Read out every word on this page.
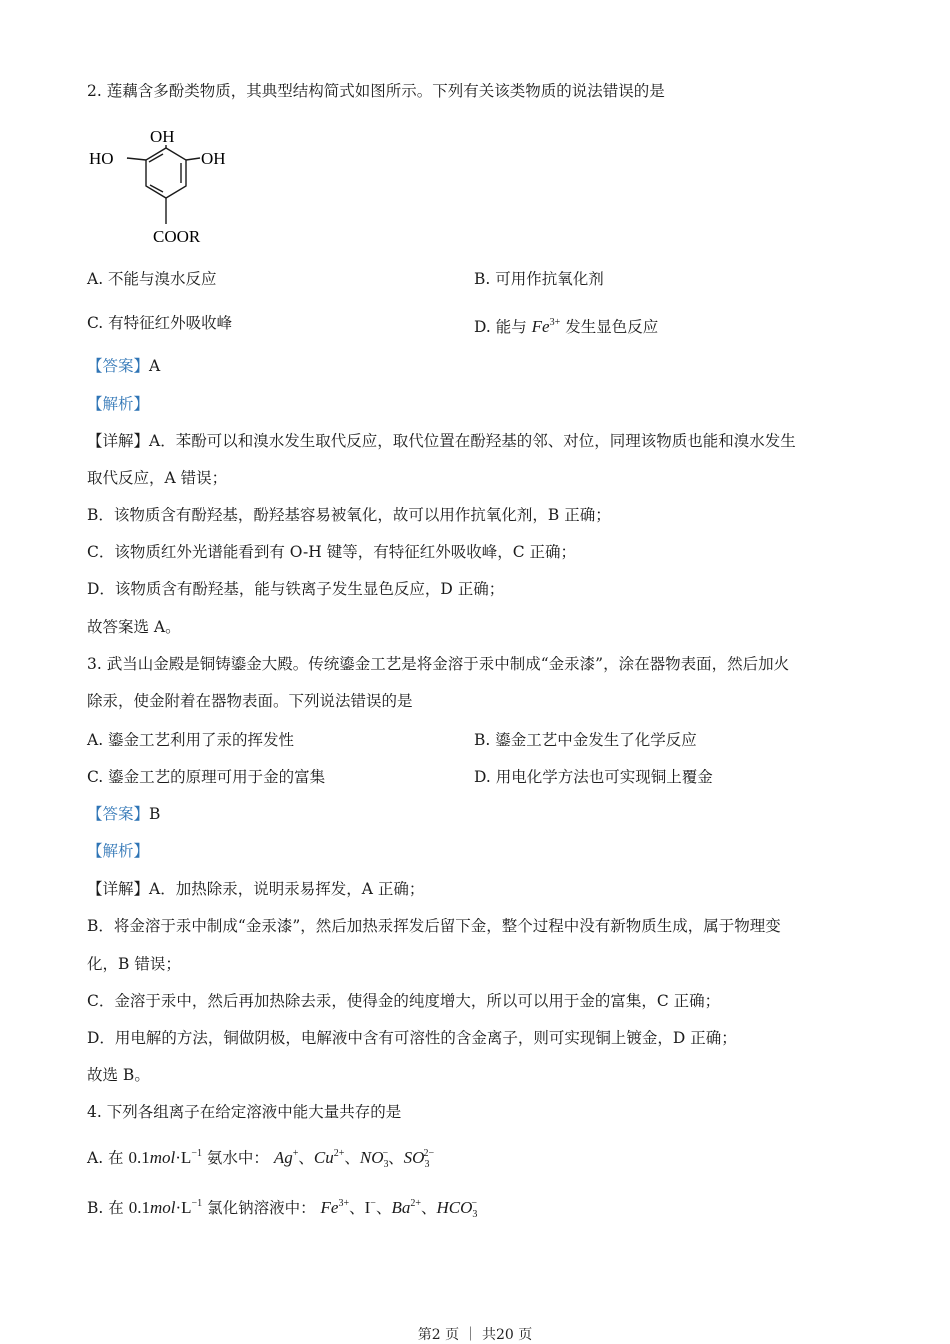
2. 莲藕含多酚类物质，其典型结构简式如图所示。下列有关该类物质的说法错误的是
OH
HO	OH
COOR
A. 不能与溴水反应	B. 可用作抗氧化剂
C. 有特征红外吸收峰	D. 能与 $Fe^{3+}$ 发生显色反应
【答案】A
【解析】
【详解】A．苯酚可以和溴水发生取代反应，取代位置在酚羟基的邻、对位，同理该物质也能和溴水发生
取代反应，A 错误；
B．该物质含有酚羟基，酚羟基容易被氧化，故可以用作抗氧化剂，B 正确；
C．该物质红外光谱能看到有 O-H 键等，有特征红外吸收峰，C 正确；
D．该物质含有酚羟基，能与铁离子发生显色反应，D 正确；
故答案选 A。
3. 武当山金殿是铜铸鎏金大殿。传统鎏金工艺是将金溶于汞中制成“金汞漆”，涂在器物表面，然后加火
除汞，使金附着在器物表面。下列说法错误的是
A. 鎏金工艺利用了汞的挥发性	B. 鎏金工艺中金发生了化学反应
C. 鎏金工艺的原理可用于金的富集	D. 用电化学方法也可实现铜上覆金
【答案】B
【解析】
【详解】A．加热除汞，说明汞易挥发，A 正确；
B．将金溶于汞中制成“金汞漆”，然后加热汞挥发后留下金，整个过程中没有新物质生成，属于物理变
化，B 错误；
C．金溶于汞中，然后再加热除去汞，使得金的纯度增大，所以可以用于金的富集，C 正确；
D．用电解的方法，铜做阴极，电解液中含有可溶性的含金离子，则可实现铜上镀金，D 正确；
故选 B。
4. 下列各组离子在给定溶液中能大量共存的是
A. 在 $0.1mol\cdot L^{-1}$ 氨水中： Ag+、$Cu^{2+}$、$NO_3^-$、$SO_3^{2-}$
B. 在 $0.1mol\cdot L^{-1}$ 氯化钠溶液中： $Fe^{3+}$、I−、$Ba^{2+}$、$HCO_3^-$
第2 页 ｜ 共20 页
